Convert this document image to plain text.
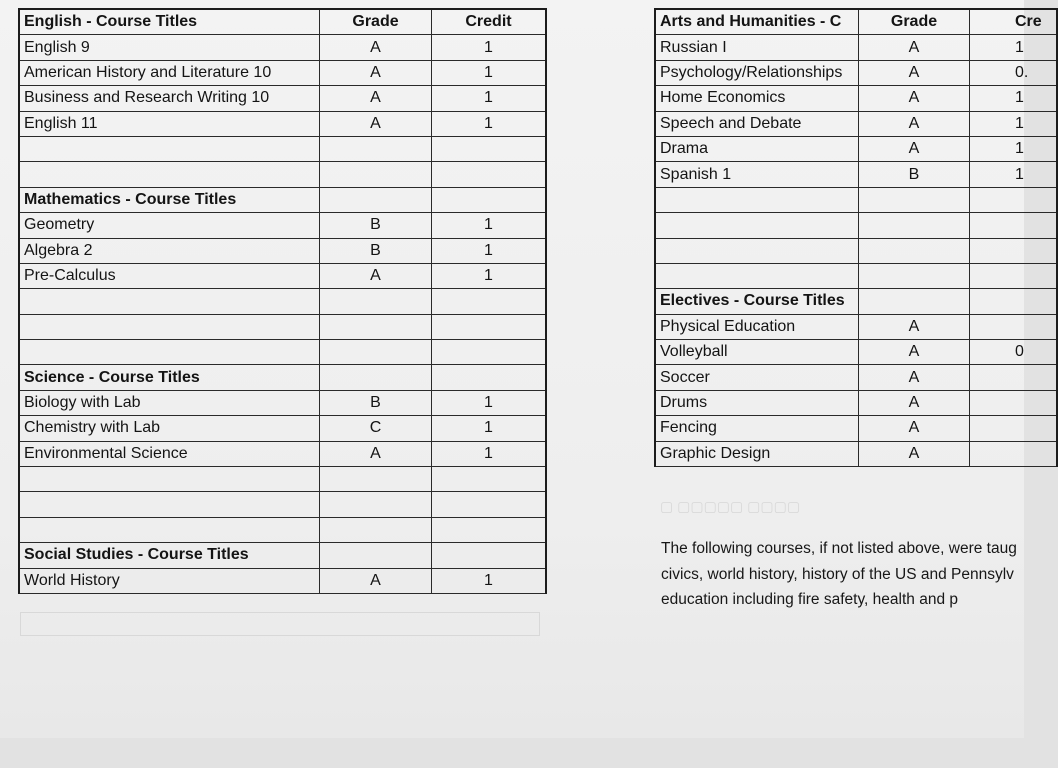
English - Course Titles	Grade	Credit
English 9	A	1
American History and Literature 10	A	1
Business and Research Writing 10	A	1
English 11	A	1
Mathematics - Course Titles
Geometry	B	1
Algebra 2	B	1
Pre-Calculus	A	1
Science - Course Titles
Biology with Lab	B	1
Chemistry with Lab	C	1
Environmental Science	A	1
Social Studies - Course Titles
World History	A	1
Arts and Humanities - C	Grade	Cre
Russian I	A	1
Psychology/Relationships	A	0.
Home Economics	A	1
Speech and Debate	A	1
Drama	A	1
Spanish 1	B	1
Electives - Course Titles
Physical Education	A
Volleyball	A	0
Soccer	A
Drums	A
Fencing	A
Graphic Design	A
▢ ▢▢▢▢▢ ▢▢▢▢
The following courses, if not listed above, were taug
civics, world history, history of the US and Pennsylv
education including fire safety, health and p
